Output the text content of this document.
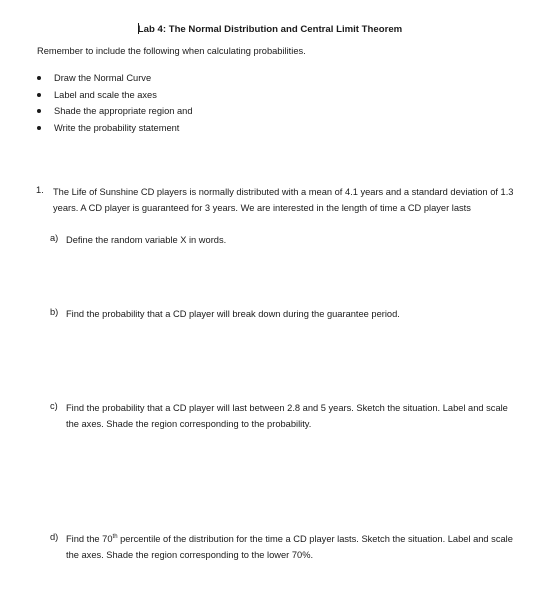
Lab 4: The Normal Distribution and Central Limit Theorem
Remember to include the following when calculating probabilities.
Draw the Normal Curve
Label and scale the axes
Shade the appropriate region and
Write the probability statement
1. The Life of Sunshine CD players is normally distributed with a mean of 4.1 years and a standard deviation of 1.3 years. A CD player is guaranteed for 3 years. We are interested in the length of time a CD player lasts
a) Define the random variable X in words.
b) Find the probability that a CD player will break down during the guarantee period.
c) Find the probability that a CD player will last between 2.8 and 5 years. Sketch the situation. Label and scale the axes. Shade the region corresponding to the probability.
d) Find the 70th percentile of the distribution for the time a CD player lasts. Sketch the situation. Label and scale the axes. Shade the region corresponding to the lower 70%.
